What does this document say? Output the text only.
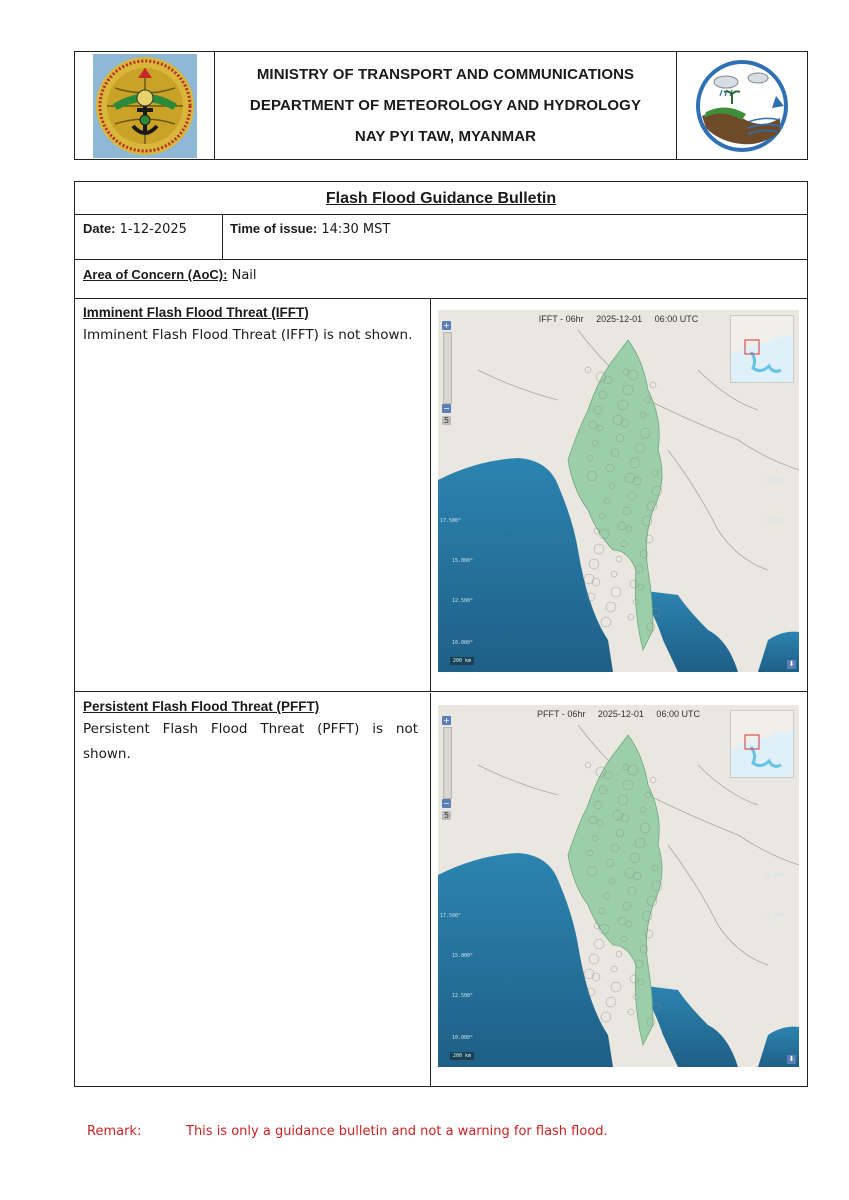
MINISTRY OF TRANSPORT AND COMMUNICATIONS
DEPARTMENT OF METEOROLOGY AND HYDROLOGY
NAY PYI TAW, MYANMAR
Flash Flood Guidance Bulletin
Date: 1-12-2025	Time of issue: 14:30 MST
Area of Concern (AoC): Nail
Imminent Flash Flood Threat (IFFT)
Imminent Flash Flood Threat (IFFT) is not shown.
17.500°
15.000°
12.500°
10.000°
20.000°
17.500°
IFFT - 06hr     2025-12-01     06:00 UTC
+
−
5
200 km	⬇
Persistent Flash Flood Threat (PFFT)
Persistent Flash Flood Threat (PFFT) is not shown.
17.500°
15.000°
12.500°
10.000°
20.000°
17.500°
PFFT - 06hr     2025-12-01     06:00 UTC
+
−
5
200 km	⬇
Remark:	This is only a guidance bulletin and not a warning for flash flood.
